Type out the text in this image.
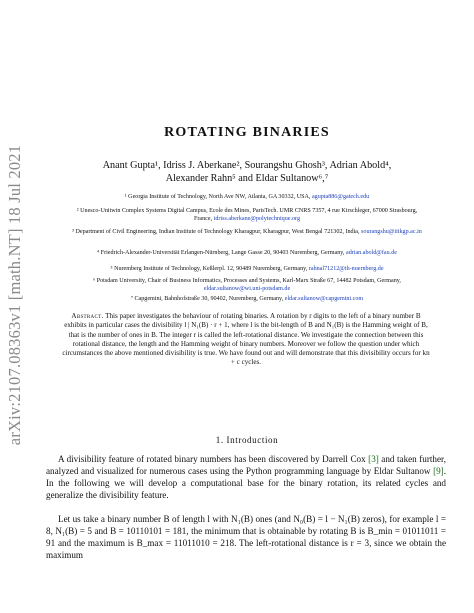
arXiv:2107.08363v1 [math.NT] 18 Jul 2021
ROTATING BINARIES
Anant Gupta¹, Idriss J. Aberkane², Sourangshu Ghosh³, Adrian Abold⁴,
Alexander Rahn⁵ and Eldar Sultanow⁶,⁷
¹ Georgia Institute of Technology, North Ave NW, Atlanta, GA 30332, USA, agupta886@gatech.edu
² Unesco-Unitwin Complex Systems Digital Campus, Ecole des Mines, ParisTech. UMR CNRS 7357, 4 rue Kirschleger, 67000 Strasbourg, France, idriss.aberkane@polytechnique.org
³ Department of Civil Engineering, Indian Institute of Technology Kharagpur, Kharagpur, West Bengal 721302, India, sourangshu@iitkgp.ac.in
⁴ Friedrich-Alexander-Universität Erlangen-Nürnberg, Lange Gasse 20, 90403 Nuremberg, Germany, adrian.abold@fau.de
⁵ Nuremberg Institute of Technology, Keßlerpl. 12, 90489 Nuremberg, Germany, rahnal71212@th-nuernberg.de
⁶ Potsdam University, Chair of Business Informatics, Processes and Systems, Karl-Marx Straße 67, 14482 Potsdam, Germany, eldar.sultanow@wi.uni-potsdam.de
⁷ Capgemini, Bahnhofstraße 30, 90402, Nuremberg, Germany, eldar.sultanow@capgemini.com
Abstract. This paper investigates the behaviour of rotating binaries. A rotation by r digits to the left of a binary number B exhibits in particular cases the divisibility l | N₁(B) · r + 1, where l is the bit-length of B and N₁(B) is the Hamming weight of B, that is the number of ones in B. The integer r is called the left-rotational distance. We investigate the connection between this rotational distance, the length and the Hamming weight of binary numbers. Moreover we follow the question under which circumstances the above mentioned divisibility is true. We have found out and will demonstrate that this divisibility occurs for kn + c cycles.
1. Introduction
A divisibility feature of rotated binary numbers has been discovered by Darrell Cox [3] and taken further, analyzed and visualized for numerous cases using the Python programming language by Eldar Sultanow [9]. In the following we will develop a computational base for the binary rotation, its related cycles and generalize the divisibility feature.
Let us take a binary number B of length l with N₁(B) ones (and N₀(B) = l − N₁(B) zeros), for example l = 8, N₁(B) = 5 and B = 10110101 = 181, the minimum that is obtainable by rotating B is B_min = 01011011 = 91 and the maximum is B_max = 11011010 = 218. The left-rotational distance is r = 3, since we obtain the maximum
